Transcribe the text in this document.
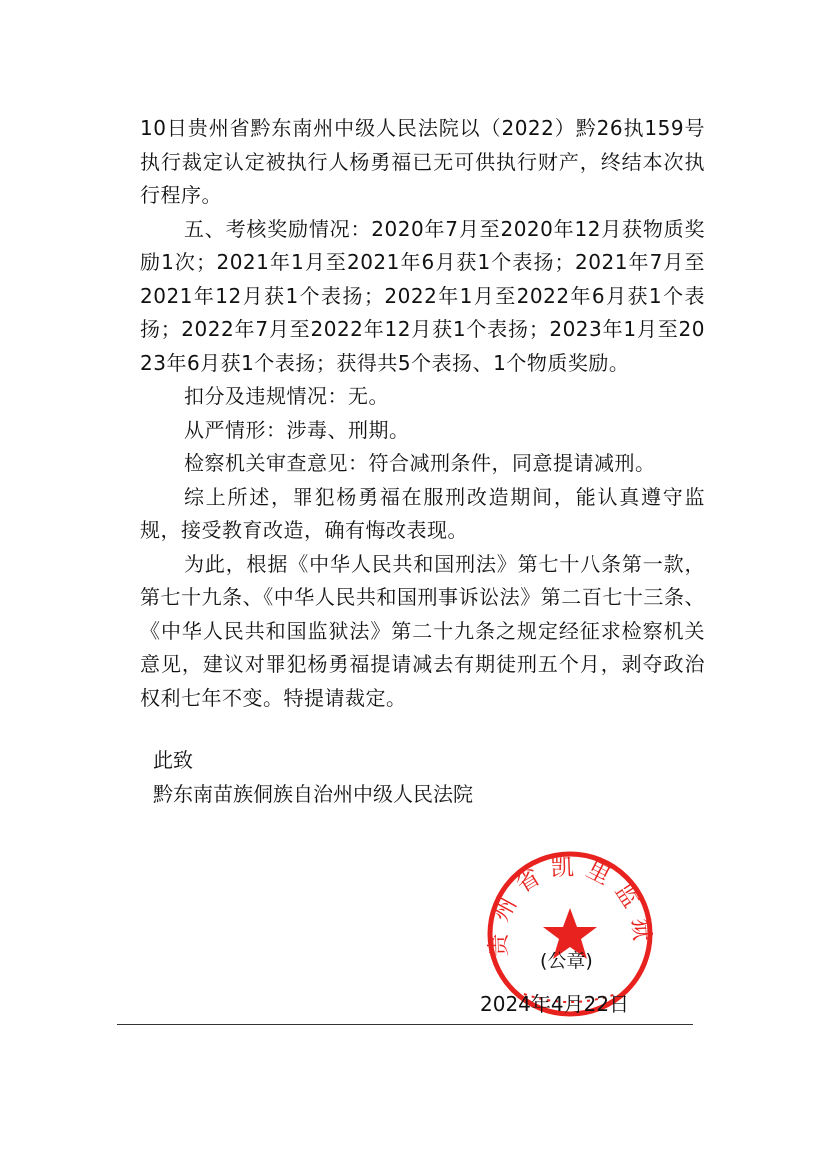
10日贵州省黔东南州中级人民法院以（2022）黔26执159号执行裁定认定被执行人杨勇福已无可供执行财产，终结本次执行程序。

五、考核奖励情况：2020年7月至2020年12月获物质奖励1次；2021年1月至2021年6月获1个表扬；2021年7月至2021年12月获1个表扬；2022年1月至2022年6月获1个表扬；2022年7月至2022年12月获1个表扬；2023年1月至2023年6月获1个表扬；获得共5个表扬、1个物质奖励。

扣分及违规情况：无。

从严情形：涉毒、刑期。

检察机关审查意见：符合减刑条件，同意提请减刑。

综上所述，罪犯杨勇福在服刑改造期间，能认真遵守监规，接受教育改造，确有悔改表现。

为此，根据《中华人民共和国刑法》第七十八条第一款，第七十九条、《中华人民共和国刑事诉讼法》第二百七十三条、《中华人民共和国监狱法》第二十九条之规定经征求检察机关意见，建议对罪犯杨勇福提请减去有期徒刑五个月，剥夺政治权利七年不变。特提请裁定。

此致

黔东南苗族侗族自治州中级人民法院

贵州省凯里监狱
(公章)
2024年4月22日
